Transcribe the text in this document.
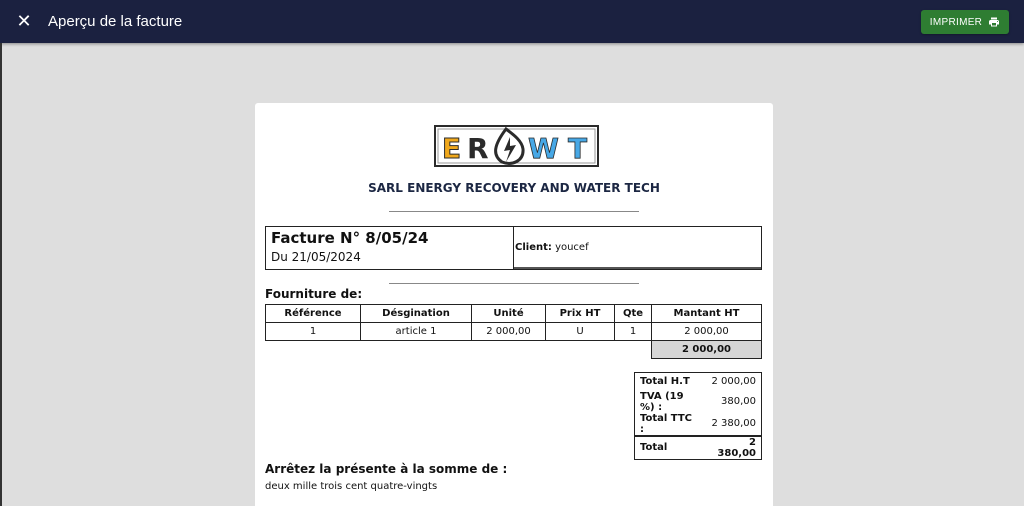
✕ Aperçu de la facture	IMPRIMER
E R W T
SARL ENERGY RECOVERY AND WATER TECH
Facture N° 8/05/24
Du 21/05/2024
Client:
youcef
Fourniture de:
Référence	Désgination	Unité	Prix HT	Qte	Mantant HT
1	article 1	2 000,00	U	1	2 000,00
					2 000,00
Total H.T	2 000,00
TVA (19 %) :	380,00
Total TTC :	2 380,00
Total	2 380,00
Arrêtez la présente à la somme de :
deux mille trois cent quatre-vingts
